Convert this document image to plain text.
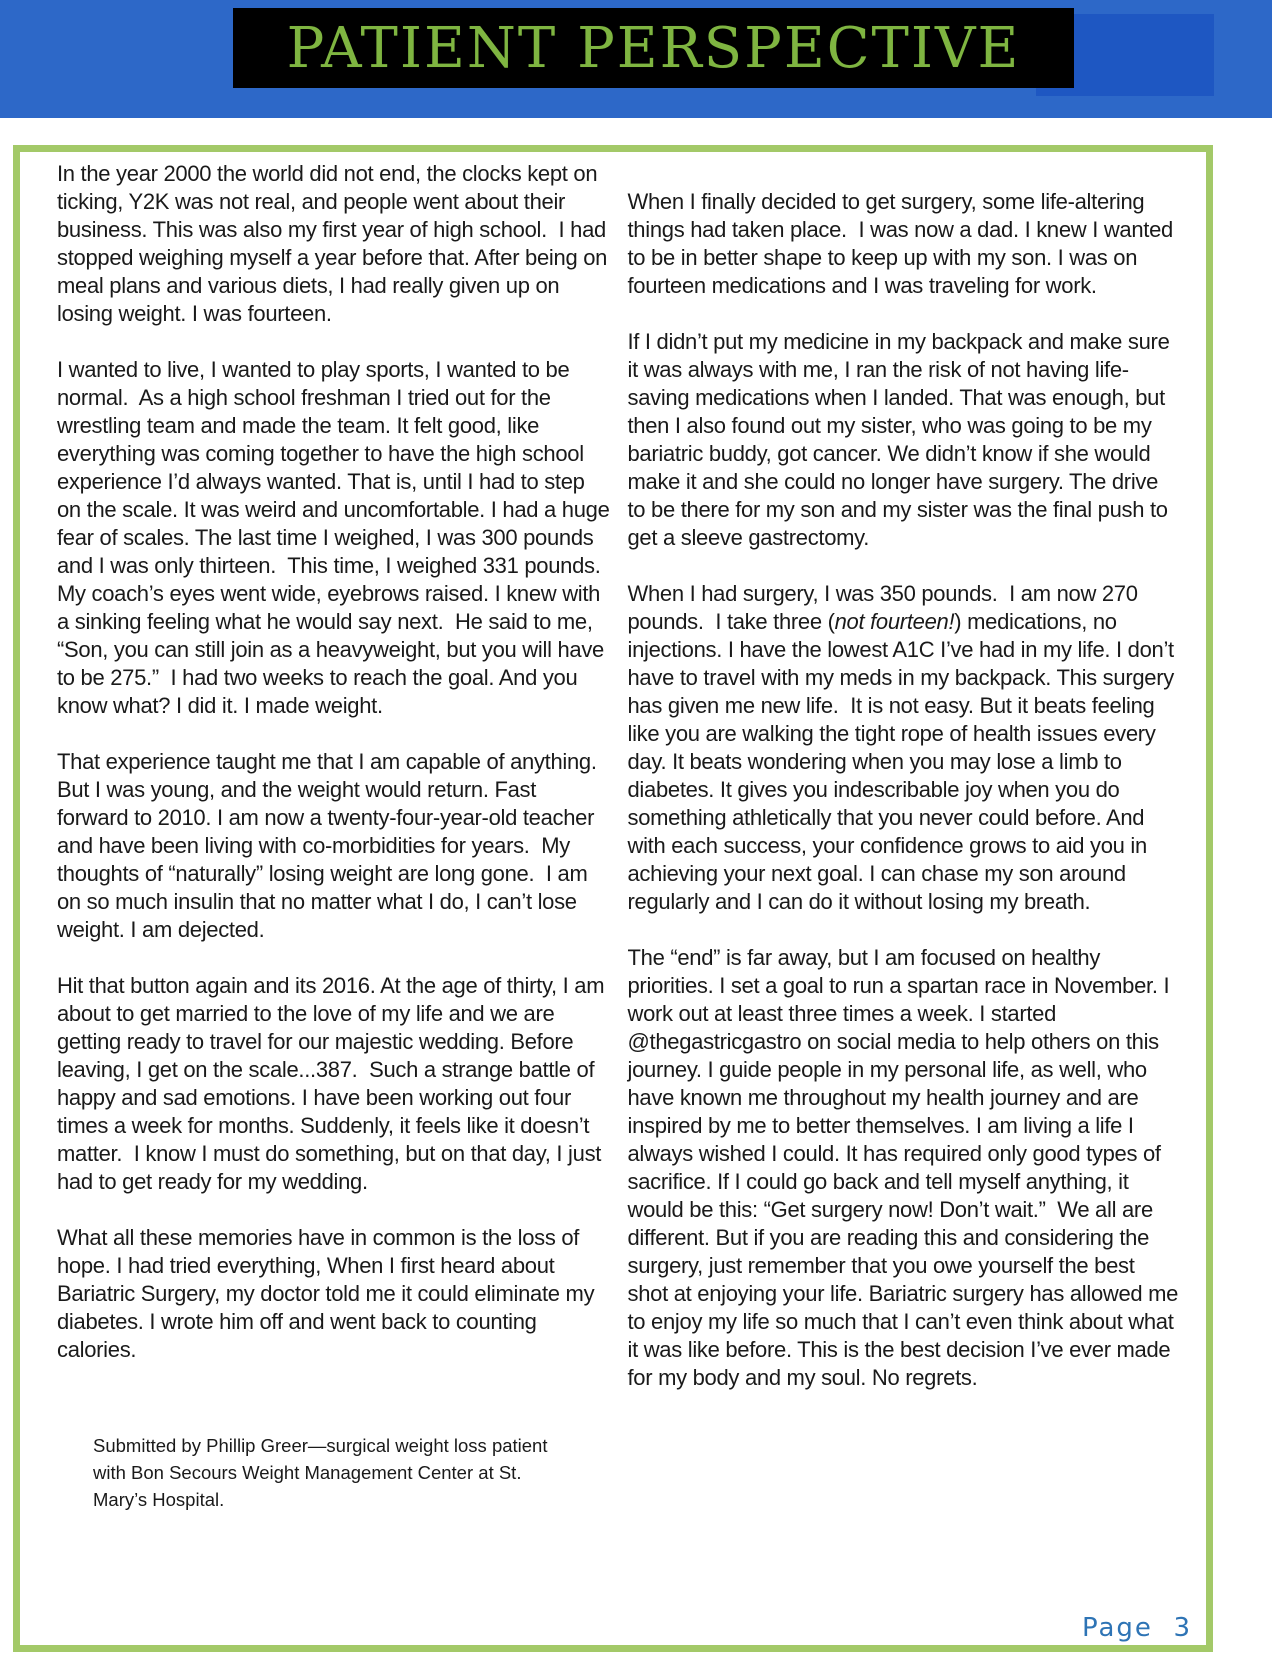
PATIENT PERSPECTIVE

In the year 2000 the world did not end, the clocks kept on ticking, Y2K was not real, and people went about their business. This was also my first year of high school.  I had stopped weighing myself a year before that. After being on meal plans and various diets, I had really given up on losing weight. I was fourteen.

I wanted to live, I wanted to play sports, I wanted to be normal.  As a high school freshman I tried out for the wrestling team and made the team. It felt good, like everything was coming together to have the high school experience I’d always wanted. That is, until I had to step on the scale. It was weird and uncomfortable. I had a huge fear of scales. The last time I weighed, I was 300 pounds and I was only thirteen.  This time, I weighed 331 pounds.  My coach’s eyes went wide, eyebrows raised. I knew with a sinking feeling what he would say next.  He said to me, “Son, you can still join as a heavyweight, but you will have to be 275.”  I had two weeks to reach the goal. And you know what? I did it. I made weight.

That experience taught me that I am capable of anything. But I was young, and the weight would return. Fast forward to 2010. I am now a twenty-four-year-old teacher and have been living with co-morbidities for years.  My thoughts of “naturally” losing weight are long gone.  I am on so much insulin that no matter what I do, I can’t lose weight. I am dejected.

Hit that button again and its 2016. At the age of thirty, I am about to get married to the love of my life and we are getting ready to travel for our majestic wedding. Before leaving, I get on the scale...387.  Such a strange battle of happy and sad emotions. I have been working out four times a week for months. Suddenly, it feels like it doesn’t matter.  I know I must do something, but on that day, I just had to get ready for my wedding.

What all these memories have in common is the loss of hope. I had tried everything, When I first heard about Bariatric Surgery, my doctor told me it could eliminate my diabetes. I wrote him off and went back to counting calories.

Submitted by Phillip Greer—surgical weight loss patient with Bon Secours Weight Management Center at St. Mary’s Hospital.

When I finally decided to get surgery, some life-altering things had taken place.  I was now a dad. I knew I wanted to be in better shape to keep up with my son. I was on fourteen medications and I was traveling for work.

If I didn’t put my medicine in my backpack and make sure it was always with me, I ran the risk of not having life-saving medications when I landed. That was enough, but then I also found out my sister, who was going to be my bariatric buddy, got cancer. We didn’t know if she would make it and she could no longer have surgery. The drive to be there for my son and my sister was the final push to get a sleeve gastrectomy.

When I had surgery, I was 350 pounds.  I am now 270 pounds.  I take three (not fourteen!) medications, no injections. I have the lowest A1C I’ve had in my life. I don’t have to travel with my meds in my backpack. This surgery has given me new life.  It is not easy. But it beats feeling like you are walking the tight rope of health issues every day. It beats wondering when you may lose a limb to diabetes. It gives you indescribable joy when you do something athletically that you never could before. And with each success, your confidence grows to aid you in achieving your next goal. I can chase my son around regularly and I can do it without losing my breath.

The “end” is far away, but I am focused on healthy priorities. I set a goal to run a spartan race in November. I work out at least three times a week. I started @thegastricgastro on social media to help others on this journey. I guide people in my personal life, as well, who have known me throughout my health journey and are inspired by me to better themselves. I am living a life I always wished I could. It has required only good types of sacrifice. If I could go back and tell myself anything, it would be this: “Get surgery now! Don’t wait.”  We all are different. But if you are reading this and considering the surgery, just remember that you owe yourself the best shot at enjoying your life. Bariatric surgery has allowed me to enjoy my life so much that I can’t even think about what it was like before. This is the best decision I’ve ever made for my body and my soul. No regrets.

Page  3
